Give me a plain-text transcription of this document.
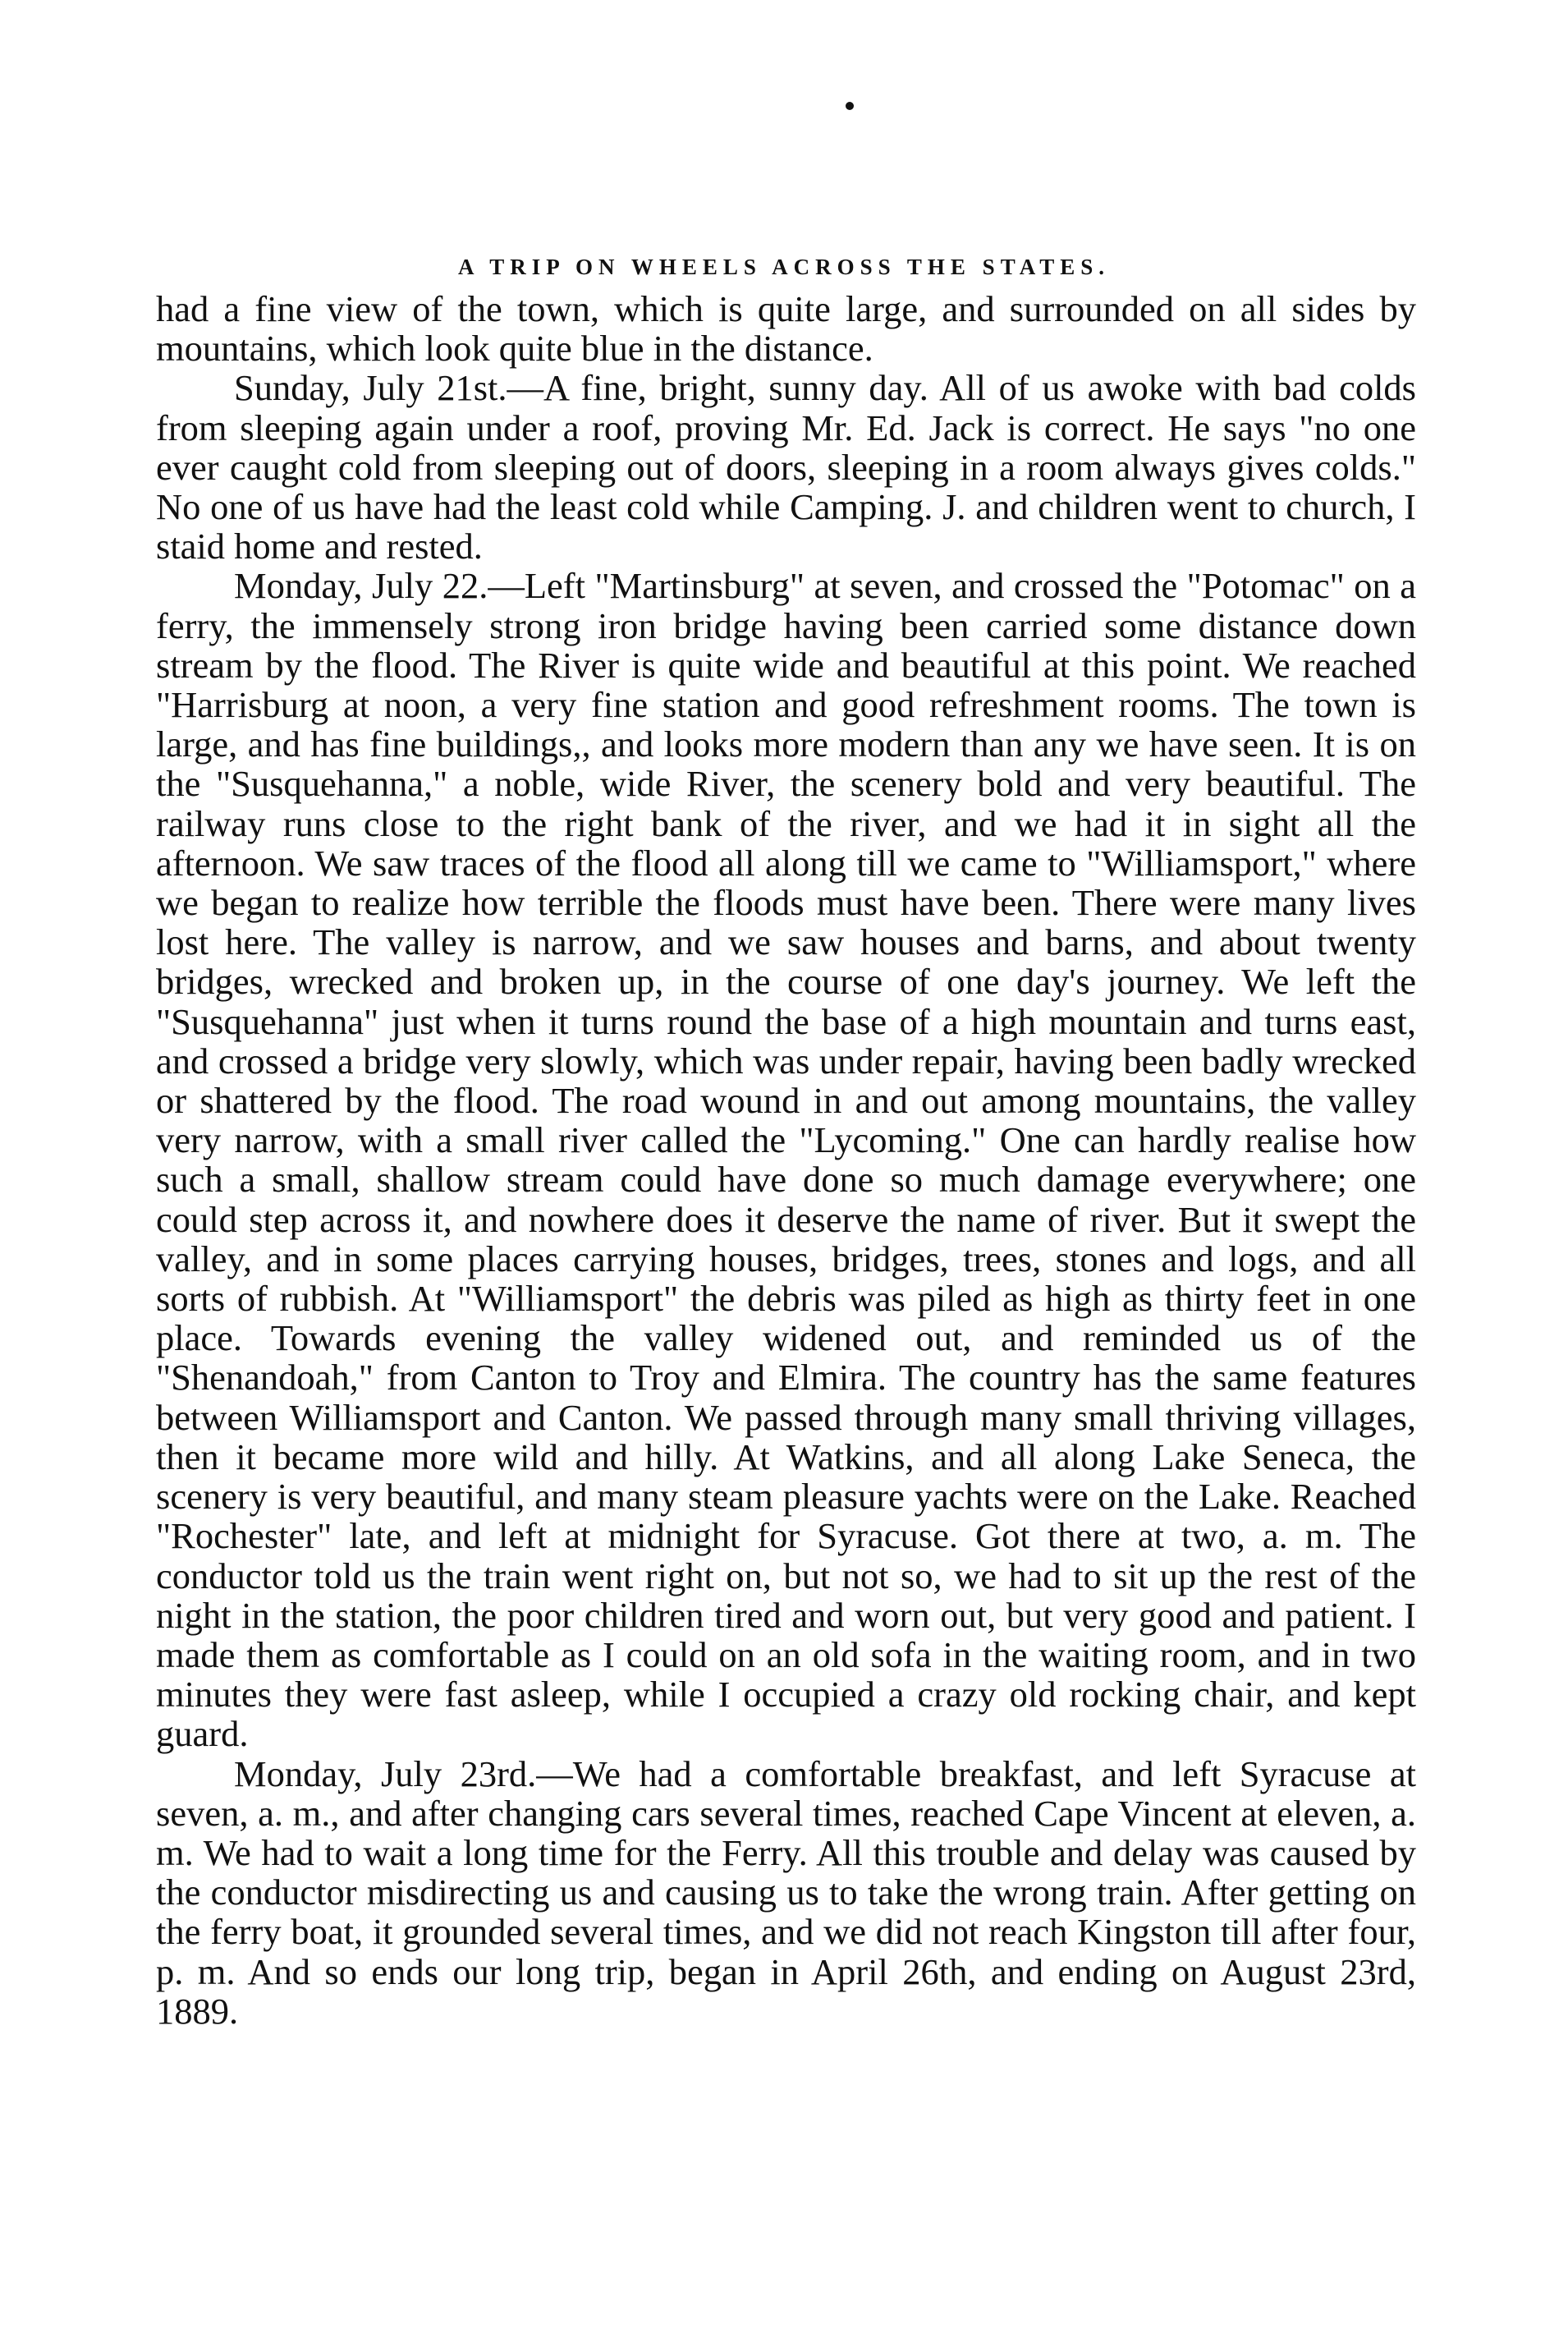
A TRIP ON WHEELS ACROSS THE STATES.

had a fine view of the town, which is quite large, and surrounded on all sides by mountains, which look quite blue in the distance.

Sunday, July 21st.—A fine, bright, sunny day. All of us awoke with bad colds from sleeping again under a roof, proving Mr. Ed. Jack is correct. He says "no one ever caught cold from sleeping out of doors, sleeping in a room always gives colds." No one of us have had the least cold while Camping. J. and children went to church, I staid home and rested.

Monday, July 22.—Left "Martinsburg" at seven, and crossed the "Potomac" on a ferry, the immensely strong iron bridge having been carried some distance down stream by the flood. The River is quite wide and beautiful at this point. We reached "Harrisburg at noon, a very fine station and good refreshment rooms. The town is large, and has fine buildings,, and looks more modern than any we have seen. It is on the "Susquehanna," a noble, wide River, the scenery bold and very beautiful. The railway runs close to the right bank of the river, and we had it in sight all the afternoon. We saw traces of the flood all along till we came to "Williamsport," where we began to realize how terrible the floods must have been. There were many lives lost here. The valley is narrow, and we saw houses and barns, and about twenty bridges, wrecked and broken up, in the course of one day's journey. We left the "Susquehanna" just when it turns round the base of a high mountain and turns east, and crossed a bridge very slowly, which was under repair, having been badly wrecked or shattered by the flood. The road wound in and out among mountains, the valley very narrow, with a small river called the "Lycoming." One can hardly realise how such a small, shallow stream could have done so much damage everywhere; one could step across it, and nowhere does it deserve the name of river. But it swept the valley, and in some places carrying houses, bridges, trees, stones and logs, and all sorts of rubbish. At "Williamsport" the debris was piled as high as thirty feet in one place. Towards evening the valley widened out, and reminded us of the "Shenandoah," from Canton to Troy and Elmira. The country has the same features between Williamsport and Canton. We passed through many small thriving villages, then it became more wild and hilly. At Watkins, and all along Lake Seneca, the scenery is very beautiful, and many steam pleasure yachts were on the Lake. Reached "Rochester" late, and left at midnight for Syracuse. Got there at two, a. m. The conductor told us the train went right on, but not so, we had to sit up the rest of the night in the station, the poor children tired and worn out, but very good and patient. I made them as comfortable as I could on an old sofa in the waiting room, and in two minutes they were fast asleep, while I occupied a crazy old rocking chair, and kept guard.

Monday, July 23rd.—We had a comfortable breakfast, and left Syracuse at seven, a. m., and after changing cars several times, reached Cape Vincent at eleven, a. m. We had to wait a long time for the Ferry. All this trouble and delay was caused by the conductor misdirecting us and causing us to take the wrong train. After getting on the ferry boat, it grounded several times, and we did not reach Kingston till after four, p. m. And so ends our long trip, began in April 26th, and ending on August 23rd, 1889.
